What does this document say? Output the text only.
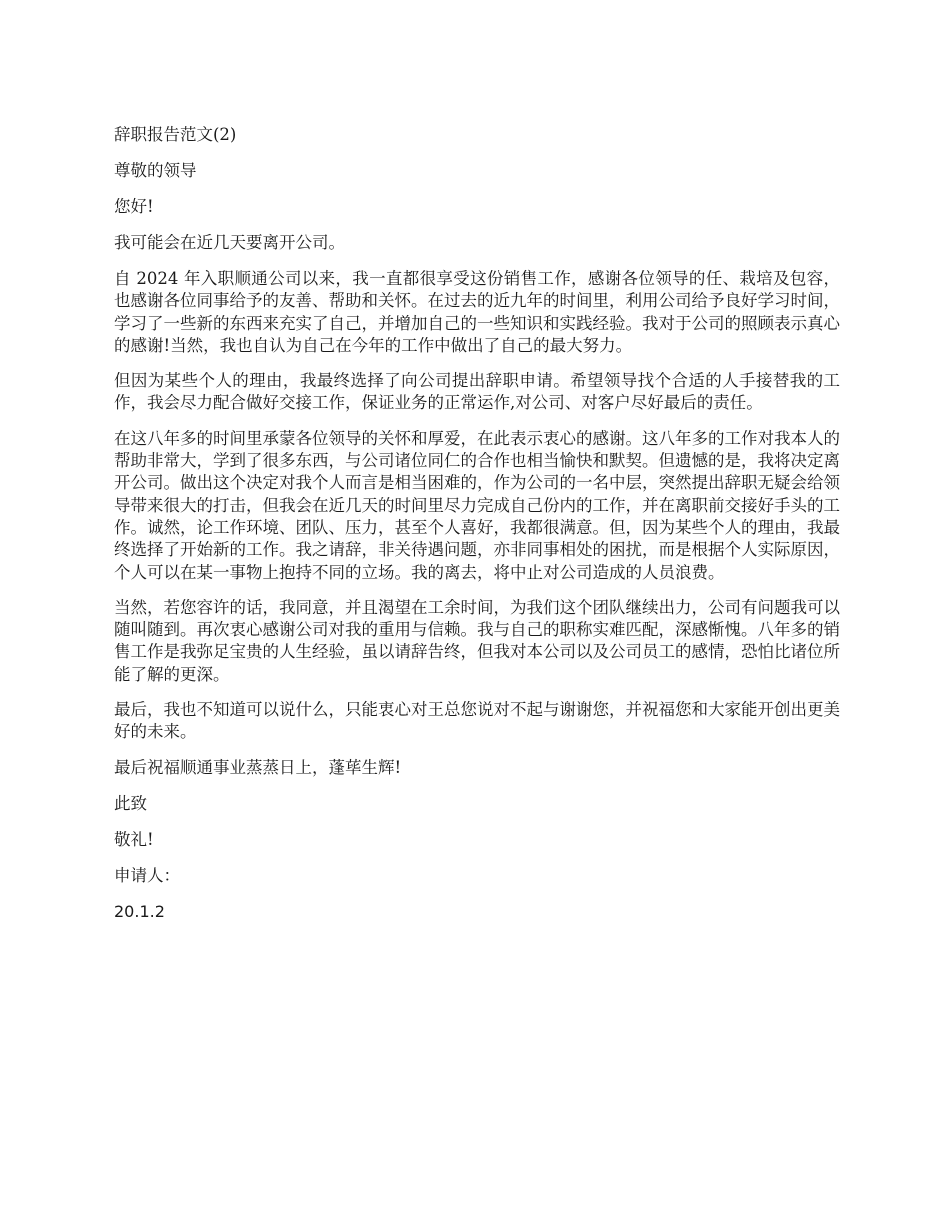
辞职报告范文(2)

尊敬的领导

您好!

我可能会在近几天要离开公司。

自 2024 年入职顺通公司以来，我一直都很享受这份销售工作，感谢各位领导的任、栽培及包容，也感谢各位同事给予的友善、帮助和关怀。在过去的近九年的时间里，利用公司给予良好学习时间，学习了一些新的东西来充实了自己，并增加自己的一些知识和实践经验。我对于公司的照顾表示真心的感谢!当然，我也自认为自己在今年的工作中做出了自己的最大努力。

但因为某些个人的理由，我最终选择了向公司提出辞职申请。希望领导找个合适的人手接替我的工作，我会尽力配合做好交接工作，保证业务的正常运作,对公司、对客户尽好最后的责任。

在这八年多的时间里承蒙各位领导的关怀和厚爱，在此表示衷心的感谢。这八年多的工作对我本人的帮助非常大，学到了很多东西，与公司诸位同仁的合作也相当愉快和默契。但遗憾的是，我将决定离开公司。做出这个决定对我个人而言是相当困难的，作为公司的一名中层，突然提出辞职无疑会给领导带来很大的打击，但我会在近几天的时间里尽力完成自己份内的工作，并在离职前交接好手头的工作。诚然，论工作环境、团队、压力，甚至个人喜好，我都很满意。但，因为某些个人的理由，我最终选择了开始新的工作。我之请辞，非关待遇问题，亦非同事相处的困扰，而是根据个人实际原因，个人可以在某一事物上抱持不同的立场。我的离去，将中止对公司造成的人员浪费。

当然，若您容许的话，我同意，并且渴望在工余时间，为我们这个团队继续出力，公司有问题我可以随叫随到。再次衷心感谢公司对我的重用与信赖。我与自己的职称实难匹配，深感惭愧。八年多的销售工作是我弥足宝贵的人生经验，虽以请辞告终，但我对本公司以及公司员工的感情，恐怕比诸位所能了解的更深。

最后，我也不知道可以说什么，只能衷心对王总您说对不起与谢谢您，并祝福您和大家能开创出更美好的未来。

最后祝福顺通事业蒸蒸日上，蓬荜生辉!

此致

敬礼!

申请人：

20.1.2
